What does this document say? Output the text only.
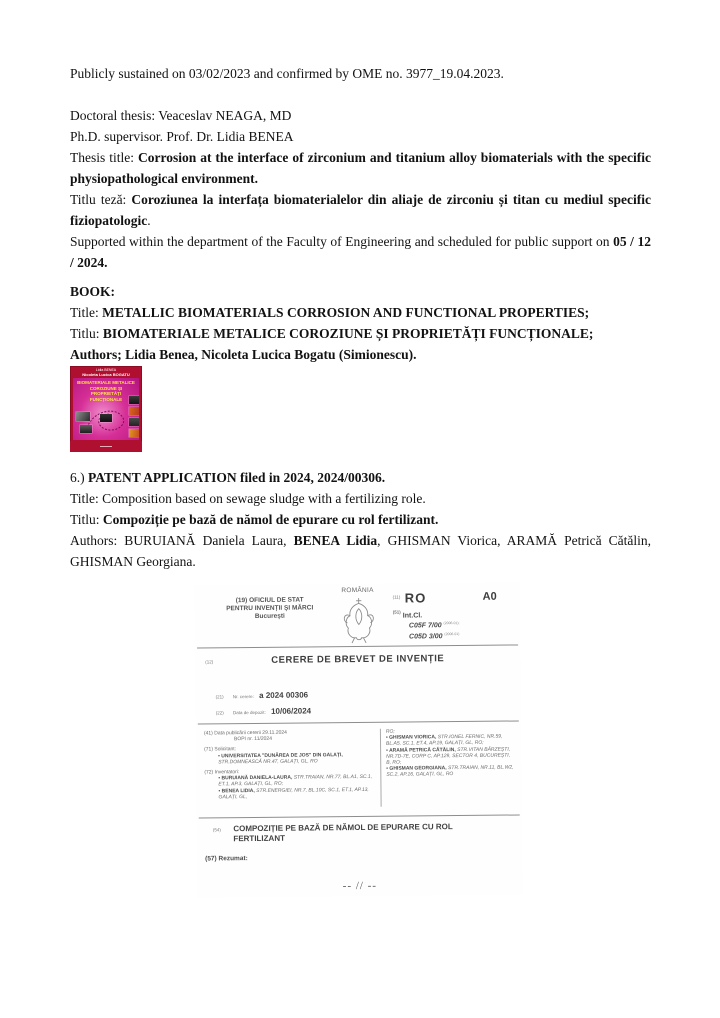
Publicly sustained on 03/02/2023 and confirmed by OME no. 3977_19.04.2023.

Doctoral thesis: Veaceslav NEAGA, MD

Ph.D. supervisor. Prof. Dr. Lidia BENEA

Thesis title: Corrosion at the interface of zirconium and titanium alloy biomaterials with the specific physiopathological environment.

Titlu teză: Coroziunea la interfața biomaterialelor din aliaje de zirconiu și titan cu mediul specific fiziopatologic.

Supported within the department of the Faculty of Engineering and scheduled for public support on 05 / 12 / 2024.

BOOK:

Title: METALLIC BIOMATERIALS CORROSION AND FUNCTIONAL PROPERTIES;

Titlu: BIOMATERIALE METALICE COROZIUNE ȘI PROPRIETĂȚI FUNCȚIONALE;

Authors; Lidia Benea, Nicoleta Lucica Bogatu (Simionescu).

Lidia BENEA
Nicoleta Lucica BOGATU
BIOMATERIALE METALICE COROZIUNE ȘI PROPRIETĂȚI FUNCȚIONALE

6.) PATENT APPLICATION filed in 2024, 2024/00306.

Title: Composition based on sewage sludge with a fertilizing role.

Titlu: Compoziție pe bază de nămol de epurare cu rol fertilizant.

Authors: BURUIANĂ Daniela Laura, BENEA Lidia, GHISMAN Viorica, ARAMĂ Petrică Cătălin, GHISMAN Georgiana.

(19) OFICIUL DE STAT
PENTRU INVENȚII ȘI MĂRCI
București
ROMÂNIA
$^{(11)}$ RO	A0
$^{(51)}$ Int.Cl.
C05F 7/00 $^{(2006.01);}$
C05D 3/00 $^{(2006.01)}$
(12)	CERERE DE BREVET DE INVENȚIE
(21) Nr. cerere: a 2024 00306
(22) Data de depozit: 10/06/2024
(41) Data publicării cererii 29.11.2024
BOPI nr. 11/2024
(71) Solicitant:
• UNIVERSITATEA "DUNĂREA DE JOS" DIN GALAȚI, STR.DOMNEASCĂ NR.47, GALAȚI, GL, RO
(72) Inventatori:
• BURUIANĂ DANIELA-LAURA, STR.TRAIAN, NR.77, BL.A1, SC.1, ET.1, AP.3, GALAȚI, GL, RO;
• BENEA LIDIA, STR.ENERGIEI, NR.7, BL.10C, SC.1, ET.1, AP.13, GALAȚI, GL,
RO;
• GHISMAN VIORICA, STR.IONEL FERNIC, NR.59, BL.A5, SC.1, ET.4, AP.19, GALAȚI, GL, RO;
• ARAMĂ PETRICĂ CĂTĂLIN, STR.VITAN BÂRZEȘTI, NR.7D-7E, CORP C, AP.129, SECTOR 4, BUCUREȘTI, B, RO;
• GHISMAN GEORGIANA, STR.TRAIAN, NR.11, BL.W2, SC.2, AP.16, GALAȚI, GL, RO
$^{(54)}$ COMPOZIȚIE PE BAZĂ DE NĂMOL DE EPURARE CU ROL FERTILIZANT
(57) Rezumat:
-- // --
